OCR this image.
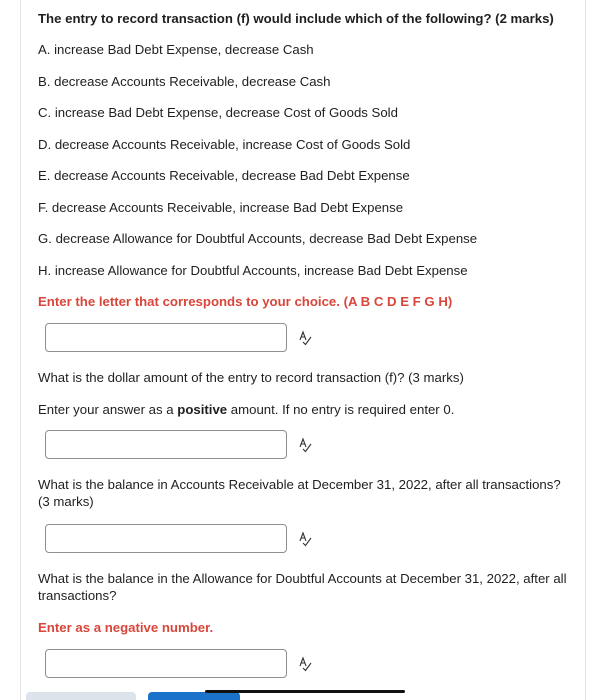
The entry to record transaction (f) would include which of the following? (2 marks)
A. increase Bad Debt Expense, decrease Cash
B. decrease Accounts Receivable, decrease Cash
C. increase Bad Debt Expense, decrease Cost of Goods Sold
D. decrease Accounts Receivable, increase Cost of Goods Sold
E. decrease Accounts Receivable, decrease Bad Debt Expense
F. decrease Accounts Receivable, increase Bad Debt Expense
G. decrease Allowance for Doubtful Accounts, decrease Bad Debt Expense
H. increase Allowance for Doubtful Accounts, increase Bad Debt Expense
Enter the letter that corresponds to your choice. (A B C D E F G H)
What is the dollar amount of the entry to record transaction (f)? (3 marks)
Enter your answer as a positive amount. If no entry is required enter 0.
What is the balance in Accounts Receivable at December 31, 2022, after all transactions? (3 marks)
What is the balance in the Allowance for Doubtful Accounts at December 31, 2022, after all transactions?
Enter as a negative number.
